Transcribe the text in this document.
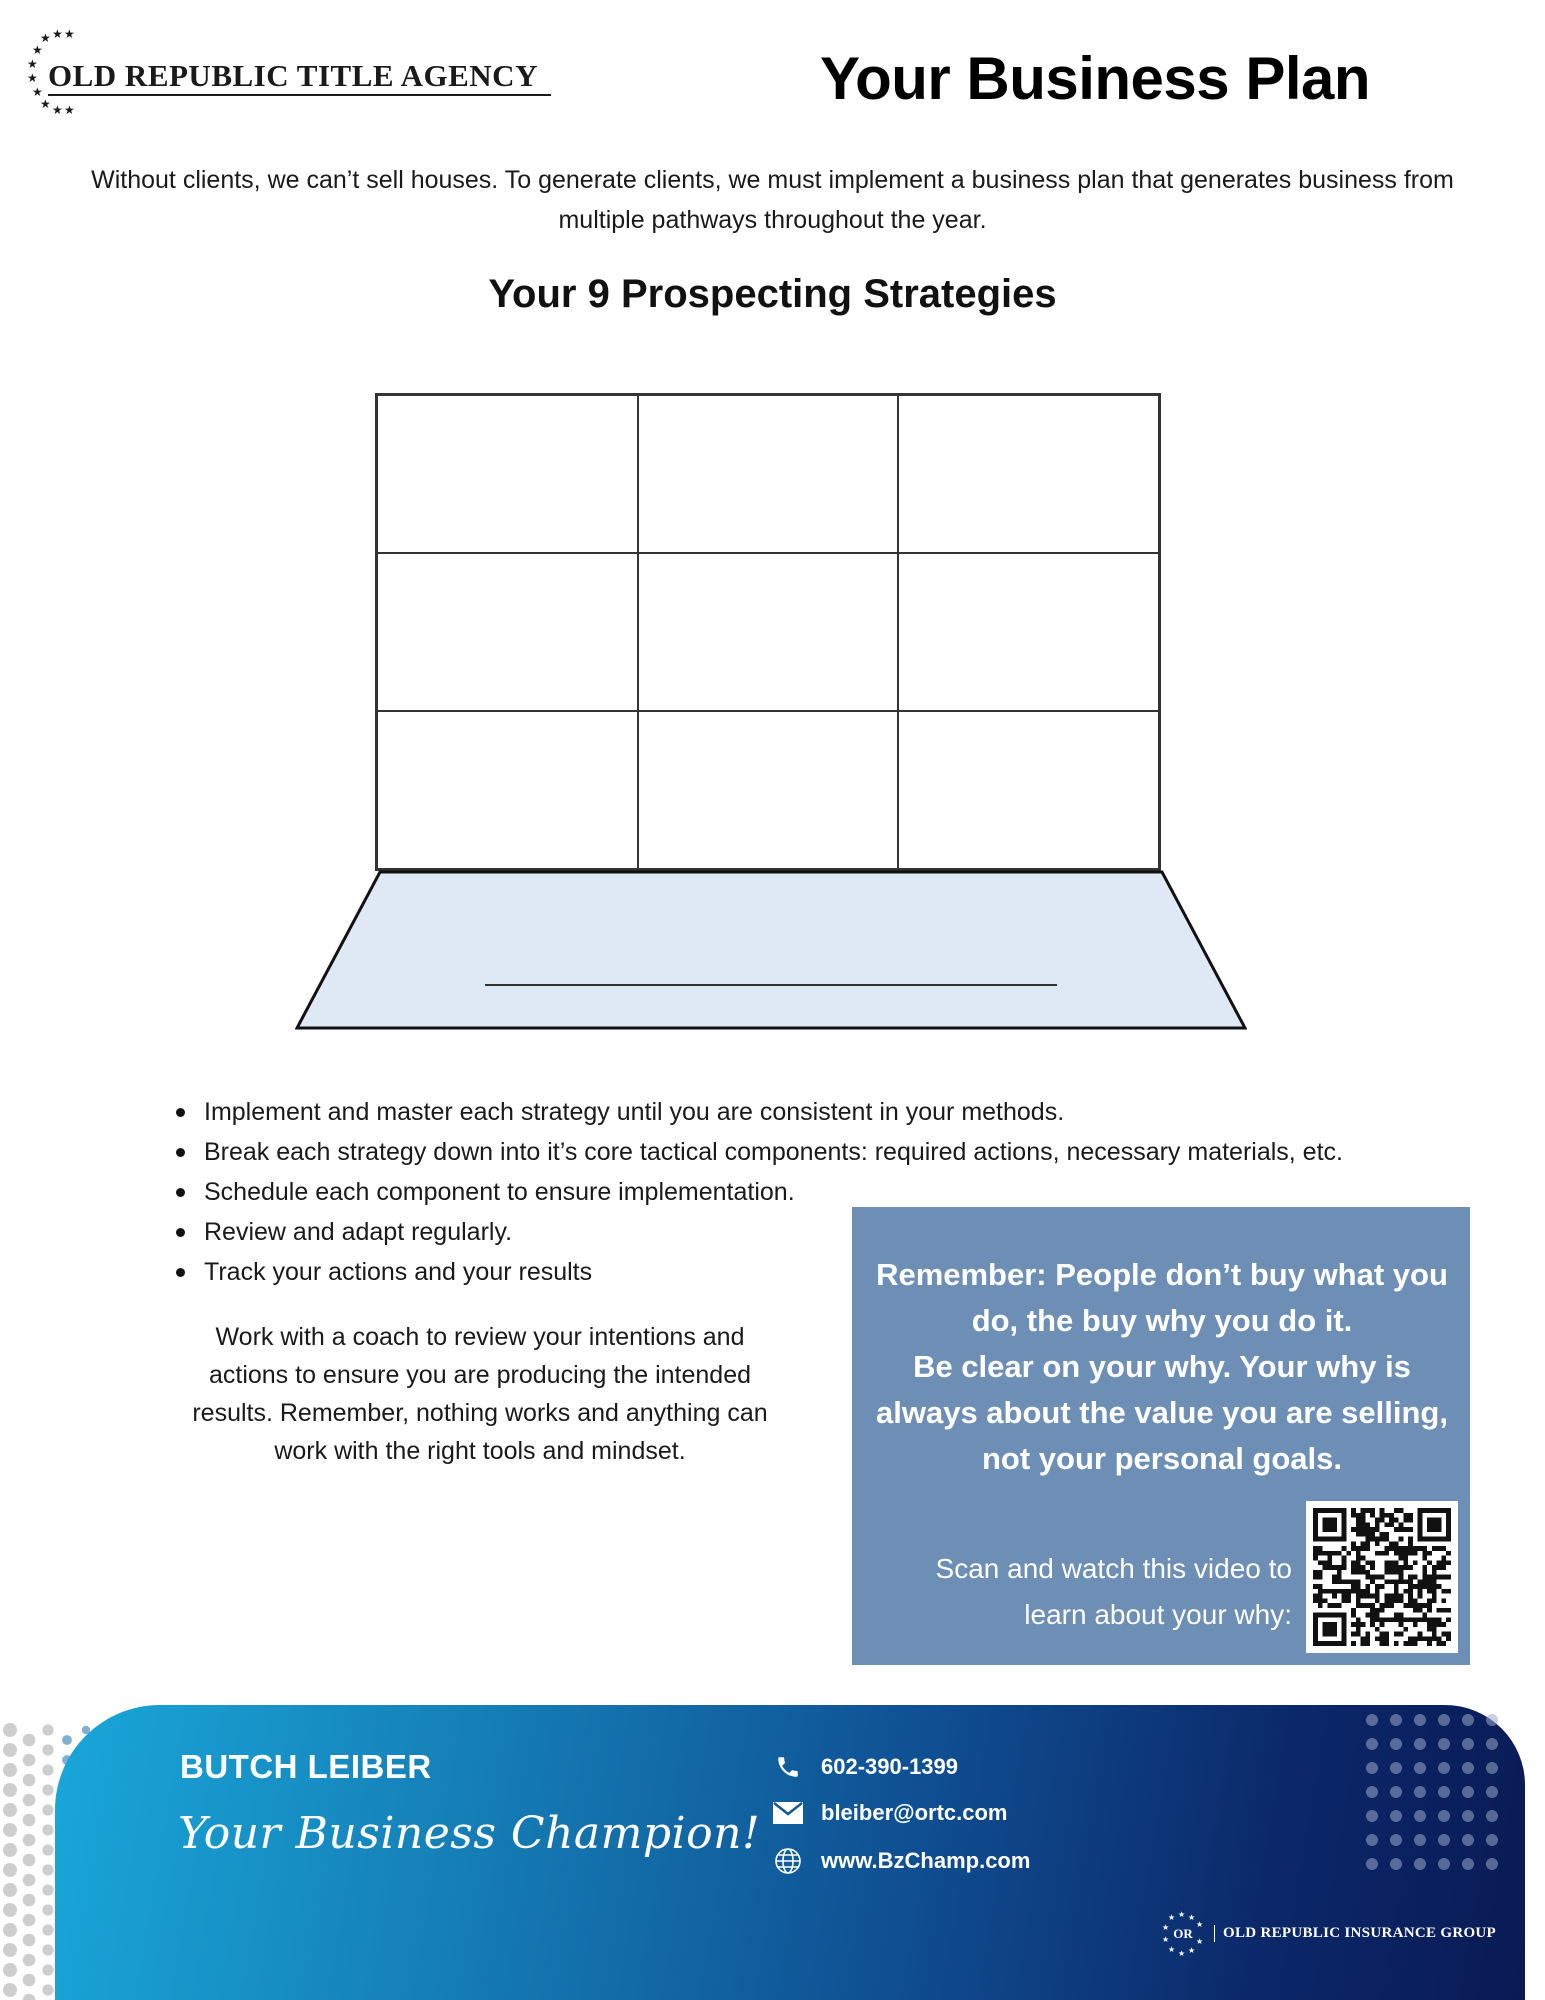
★ ★
★
★
★
★
★
★ ★ ★
OLD REPUBLIC TITLE AGENCY	Your Business Plan
Without clients, we can’t sell houses. To generate clients, we must implement a business plan that generates business from multiple pathways throughout the year.
Your 9 Prospecting Strategies
Implement and master each strategy until you are consistent in your methods.
Break each strategy down into it’s core tactical components: required actions, necessary materials, etc.
Schedule each component to ensure implementation.
Review and adapt regularly.
Track your actions and your results
Work with a coach to review your intentions and actions to ensure you are producing the intended results. Remember, nothing works and anything can work with the right tools and mindset.
Remember: People don’t buy what you
do, the buy why you do it.
Be clear on your why. Your why is
always about the value you are selling,
not your personal goals.
Scan and watch this video to
learn about your why:
BUTCH LEIBER
Your Business Champion!
602-390-1399
bleiber@ortc.com
www.BzChamp.com
★ ★
★
★
★
★ ★ ★
★
★
OR	OLD REPUBLIC INSURANCE GROUP
